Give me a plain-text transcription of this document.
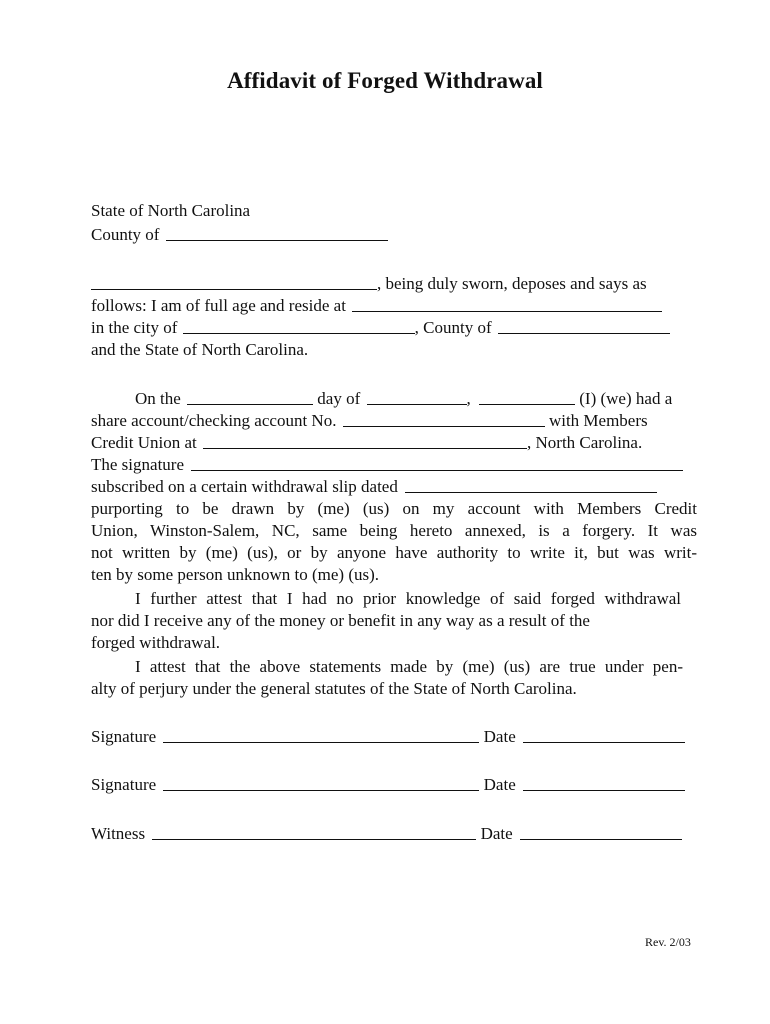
Affidavit of Forged Withdrawal
State of North Carolina
County of
, being duly sworn, deposes and says as
follows: I am of full age and reside at
in the city of	, County of
and the State of North Carolina.
On the	day of	,	(I) (we) had a
share account/checking account No.	with Members
Credit Union at	, North Carolina.
The signature
subscribed on a certain withdrawal slip dated
purporting to be drawn by (me) (us) on my account with Members Credit
Union, Winston-Salem, NC, same being hereto annexed, is a forgery. It was
not written by (me) (us), or by anyone have authority to write it, but was writ-
ten by some person unknown to (me) (us).
I further attest that I had no prior knowledge of said forged withdrawal
nor did I receive any of the money or benefit in any way as a result of the
forged withdrawal.
I attest that the above statements made by (me) (us) are true under pen-
alty of perjury under the general statutes of the State of North Carolina.
Signature	Date
Signature	Date
Witness	Date
Rev. 2/03
